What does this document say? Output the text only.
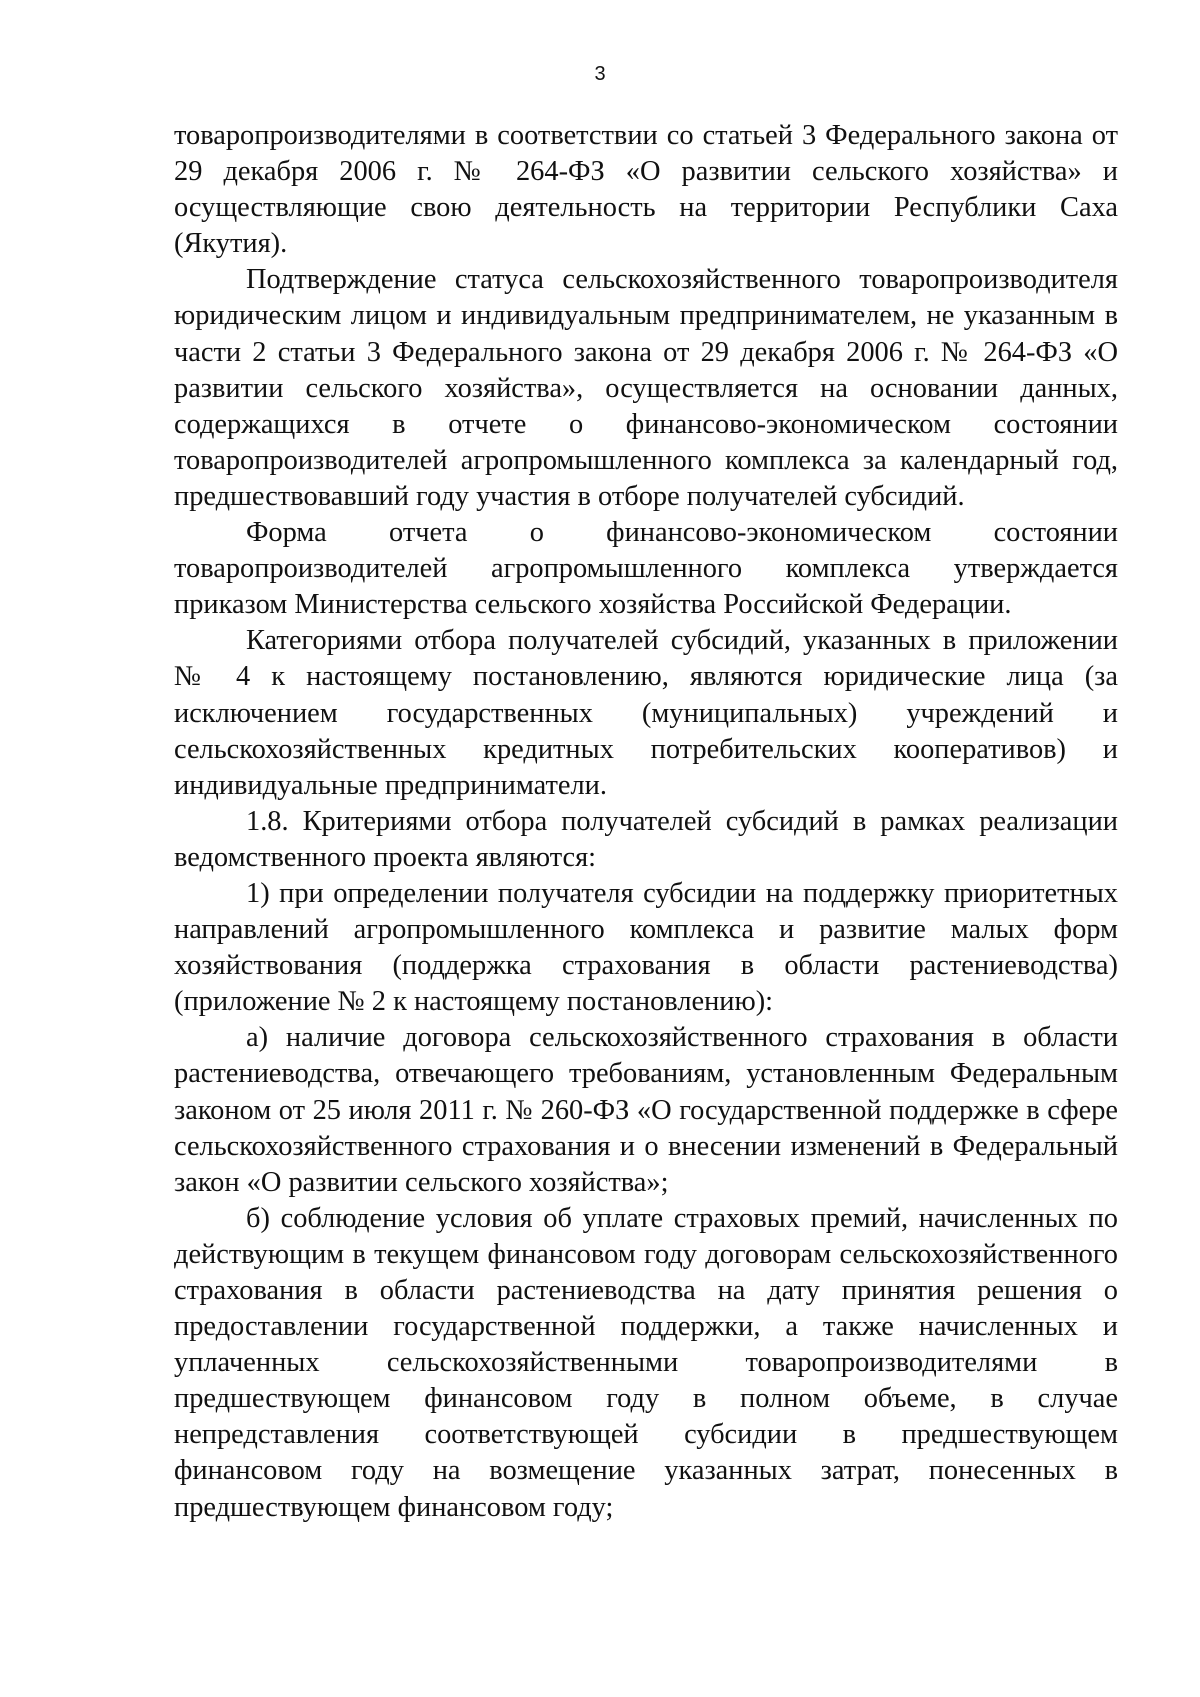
3

товаропроизводителями в соответствии со статьей 3 Федерального закона от 29 декабря 2006 г. № 264-ФЗ «О развитии сельского хозяйства» и осуществляющие свою деятельность на территории Республики Саха (Якутия).

Подтверждение статуса сельскохозяйственного товаропроизводителя юридическим лицом и индивидуальным предпринимателем, не указанным в части 2 статьи 3 Федерального закона от 29 декабря 2006 г. № 264-ФЗ «О развитии сельского хозяйства», осуществляется на основании данных, содержащихся в отчете о финансово-экономическом состоянии товаропроизводителей агропромышленного комплекса за календарный год, предшествовавший году участия в отборе получателей субсидий.

Форма отчета о финансово-экономическом состоянии товаропроизводителей агропромышленного комплекса утверждается приказом Министерства сельского хозяйства Российской Федерации.

Категориями отбора получателей субсидий, указанных в приложении № 4 к настоящему постановлению, являются юридические лица (за исключением государственных (муниципальных) учреждений и сельскохозяйственных кредитных потребительских кооперативов) и индивидуальные предприниматели.

1.8. Критериями отбора получателей субсидий в рамках реализации ведомственного проекта являются:

1) при определении получателя субсидии на поддержку приоритетных направлений агропромышленного комплекса и развитие малых форм хозяйствования (поддержка страхования в области растениеводства) (приложение № 2 к настоящему постановлению):

а) наличие договора сельскохозяйственного страхования в области растениеводства, отвечающего требованиям, установленным Федеральным законом от 25 июля 2011 г. № 260-ФЗ «О государственной поддержке в сфере сельскохозяйственного страхования и о внесении изменений в Федеральный закон «О развитии сельского хозяйства»;

б) соблюдение условия об уплате страховых премий, начисленных по действующим в текущем финансовом году договорам сельскохозяйственного страхования в области растениеводства на дату принятия решения о предоставлении государственной поддержки, а также начисленных и уплаченных сельскохозяйственными товаропроизводителями в предшествующем финансовом году в полном объеме, в случае непредставления соответствующей субсидии в предшествующем финансовом году на возмещение указанных затрат, понесенных в предшествующем финансовом году;
